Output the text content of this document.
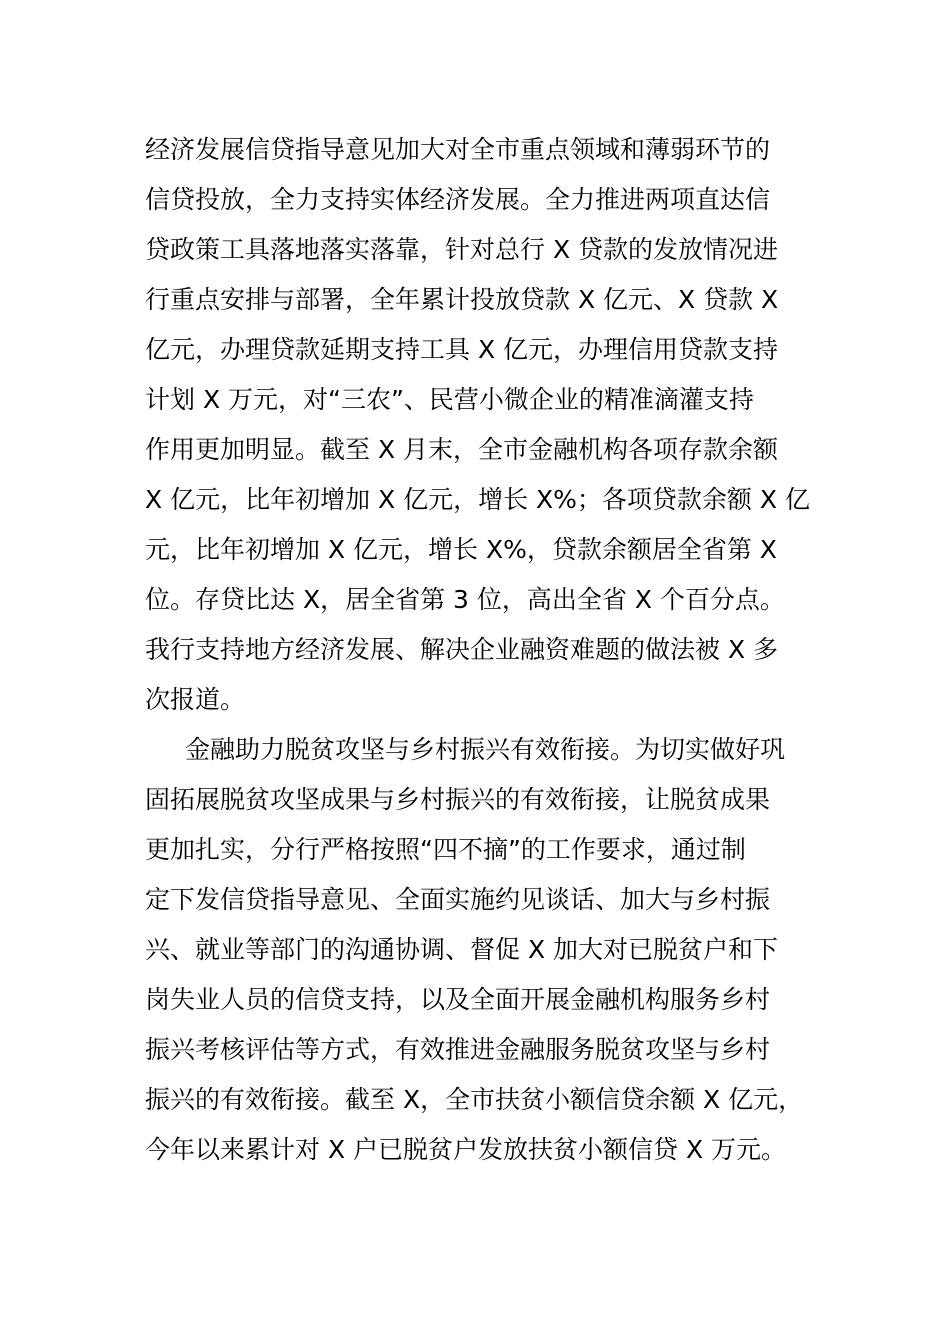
经济发展信贷指导意见加大对全市重点领域和薄弱环节的
信贷投放，全力支持实体经济发展。全力推进两项直达信
贷政策工具落地落实落靠，针对总行 X 贷款的发放情况进
行重点安排与部署，全年累计投放贷款 X 亿元、X 贷款 X
亿元，办理贷款延期支持工具 X 亿元，办理信用贷款支持
计划 X 万元，对“三农”、民营小微企业的精准滴灌支持
作用更加明显。截至 X 月末，全市金融机构各项存款余额
X 亿元，比年初增加 X 亿元，增长 X%；各项贷款余额 X 亿
元，比年初增加 X 亿元，增长 X%，贷款余额居全省第 X
位。存贷比达 X，居全省第 3 位，高出全省 X 个百分点。
我行支持地方经济发展、解决企业融资难题的做法被 X 多
次报道。
金融助力脱贫攻坚与乡村振兴有效衔接。为切实做好巩
固拓展脱贫攻坚成果与乡村振兴的有效衔接，让脱贫成果
更加扎实，分行严格按照“四不摘”的工作要求，通过制
定下发信贷指导意见、全面实施约见谈话、加大与乡村振
兴、就业等部门的沟通协调、督促 X 加大对已脱贫户和下
岗失业人员的信贷支持，以及全面开展金融机构服务乡村
振兴考核评估等方式，有效推进金融服务脱贫攻坚与乡村
振兴的有效衔接。截至 X，全市扶贫小额信贷余额 X 亿元，
今年以来累计对 X 户已脱贫户发放扶贫小额信贷 X 万元。
